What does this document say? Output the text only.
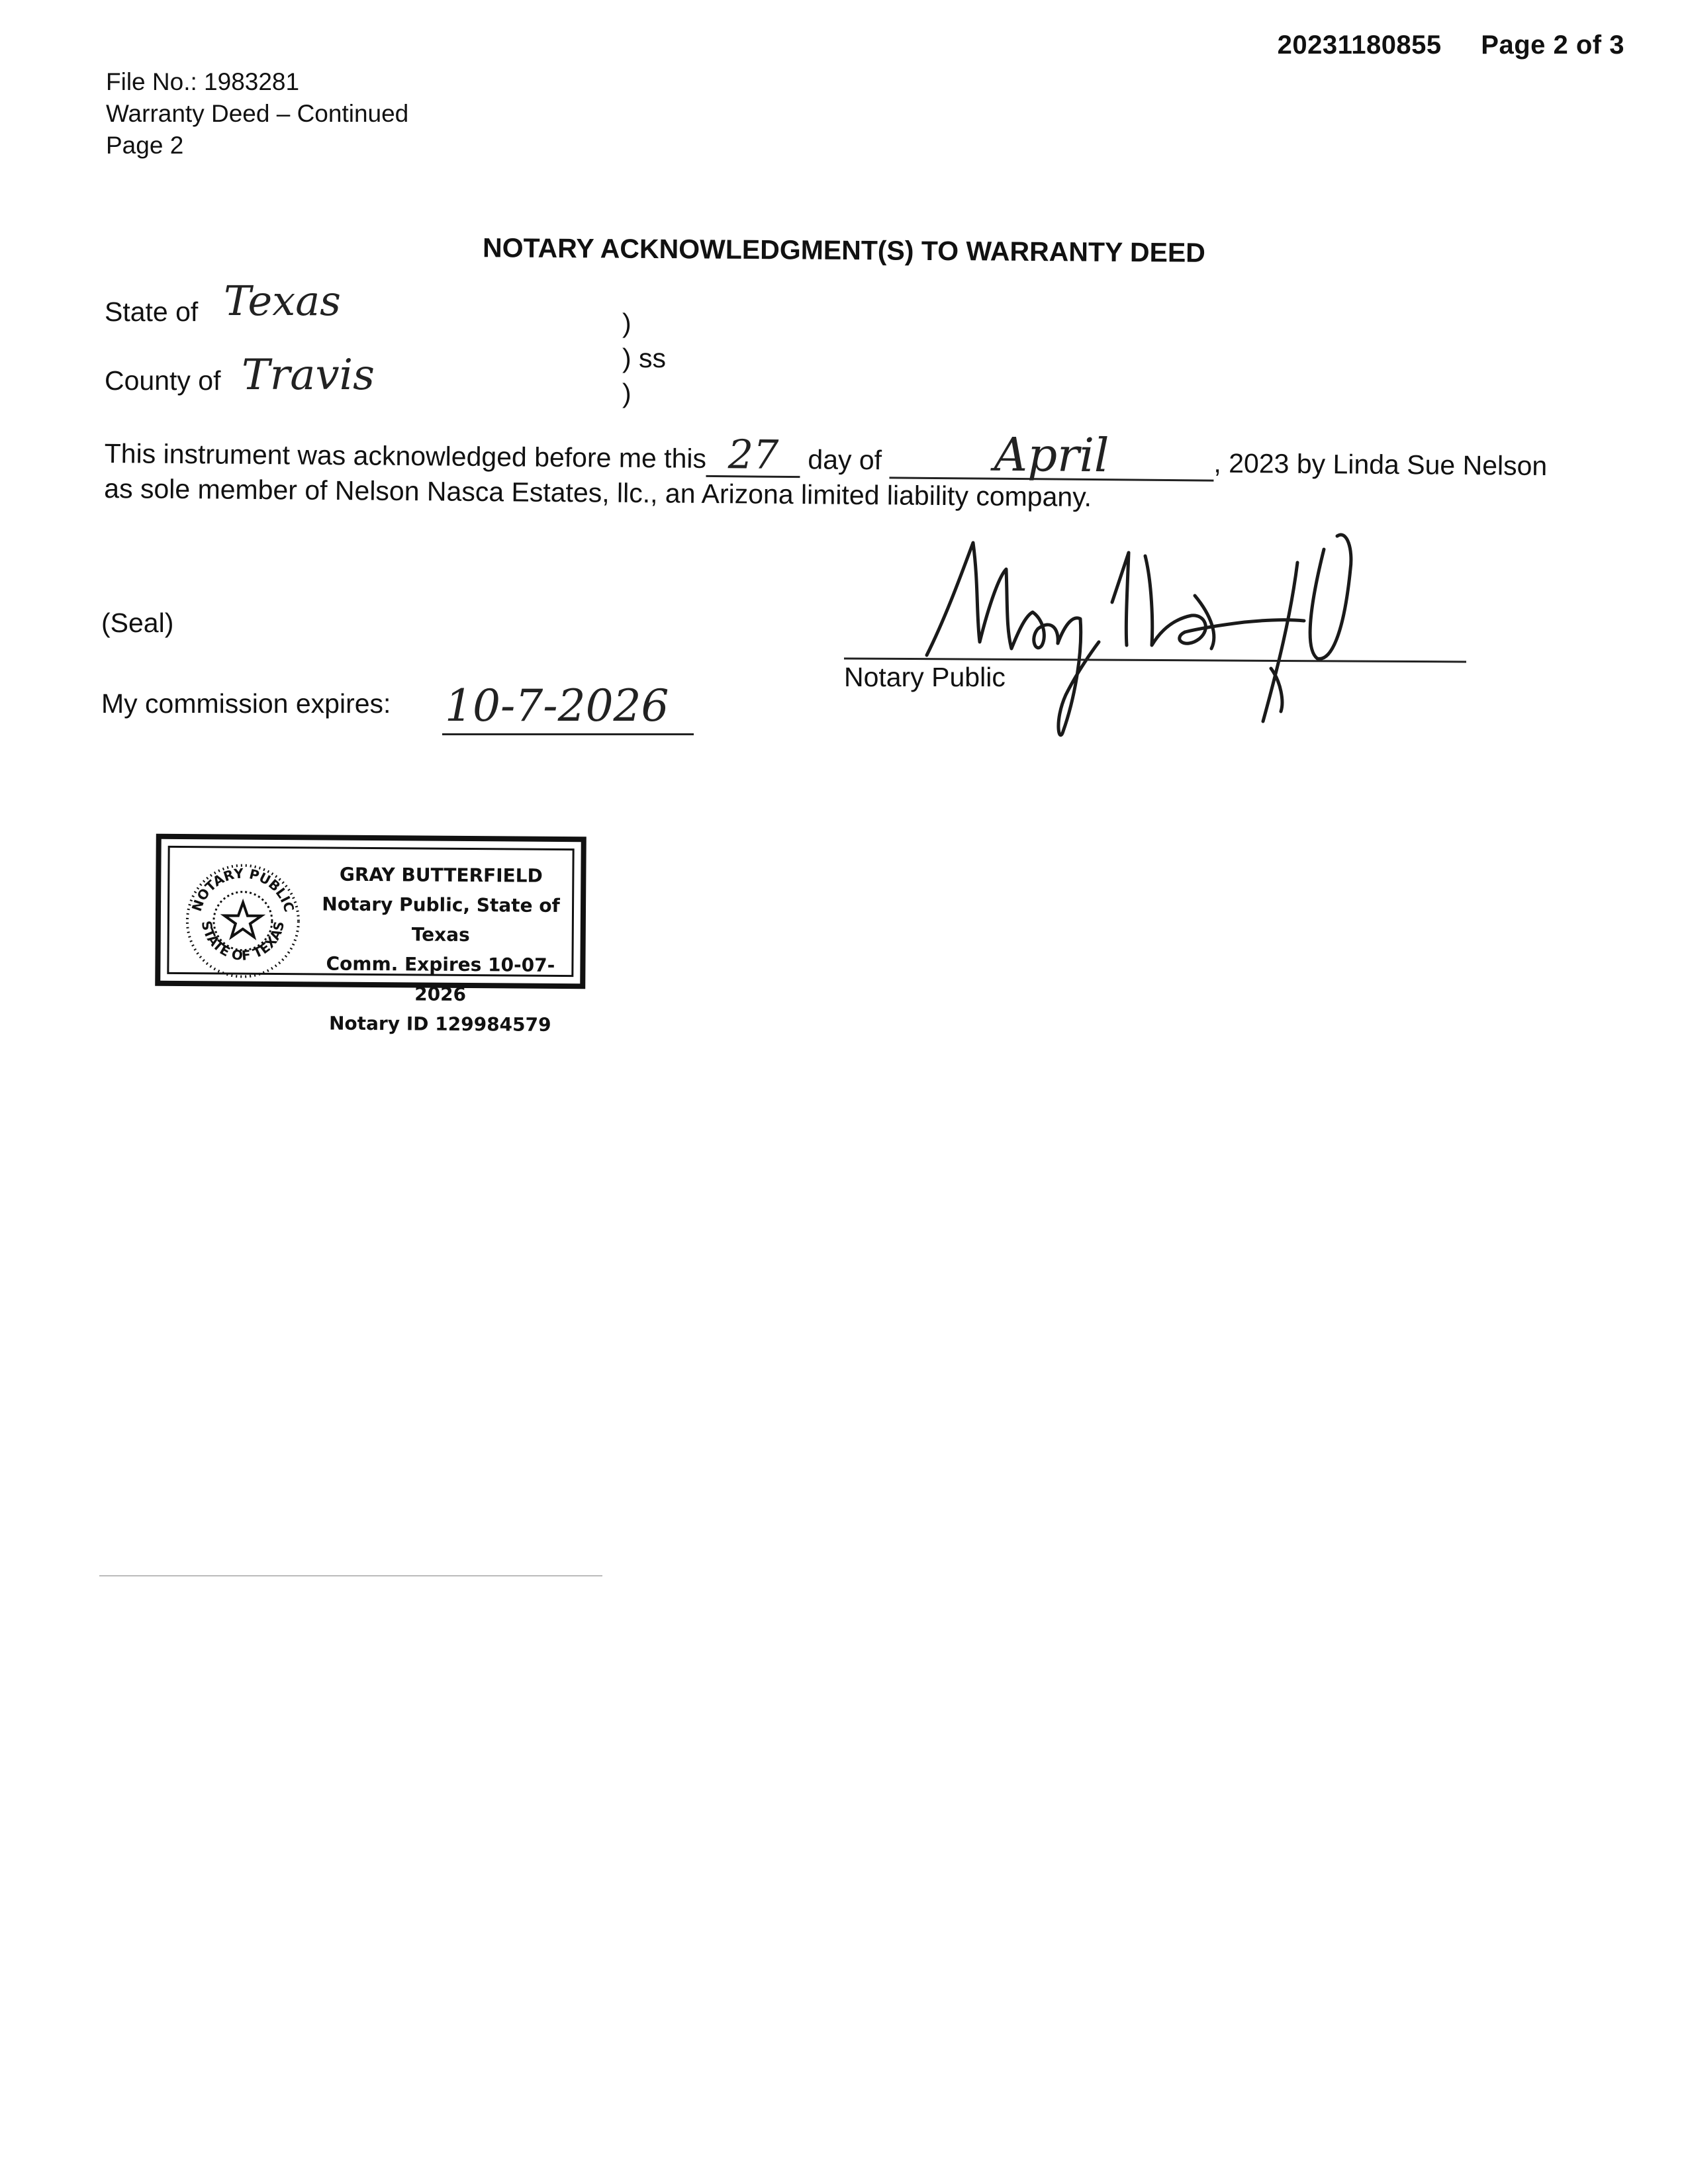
20231180855 Page 2 of 3
File No.: 1983281
Warranty Deed – Continued
Page 2
NOTARY ACKNOWLEDGMENT(S) TO WARRANTY DEED
State of Texas
County of Travis
)
) ss
)
This instrument was acknowledged before me this 27 day of April	, 2023 by Linda Sue Nelson as sole member of Nelson Nasca Estates, llc., an Arizona limited liability company.
(Seal)
My commission expires: 10-7-2026
Notary Public
NOTARY PUBLIC
STATE OF TEXAS
GRAY BUTTERFIELD
Notary Public, State of Texas
Comm. Expires 10-07-2026
Notary ID 129984579
